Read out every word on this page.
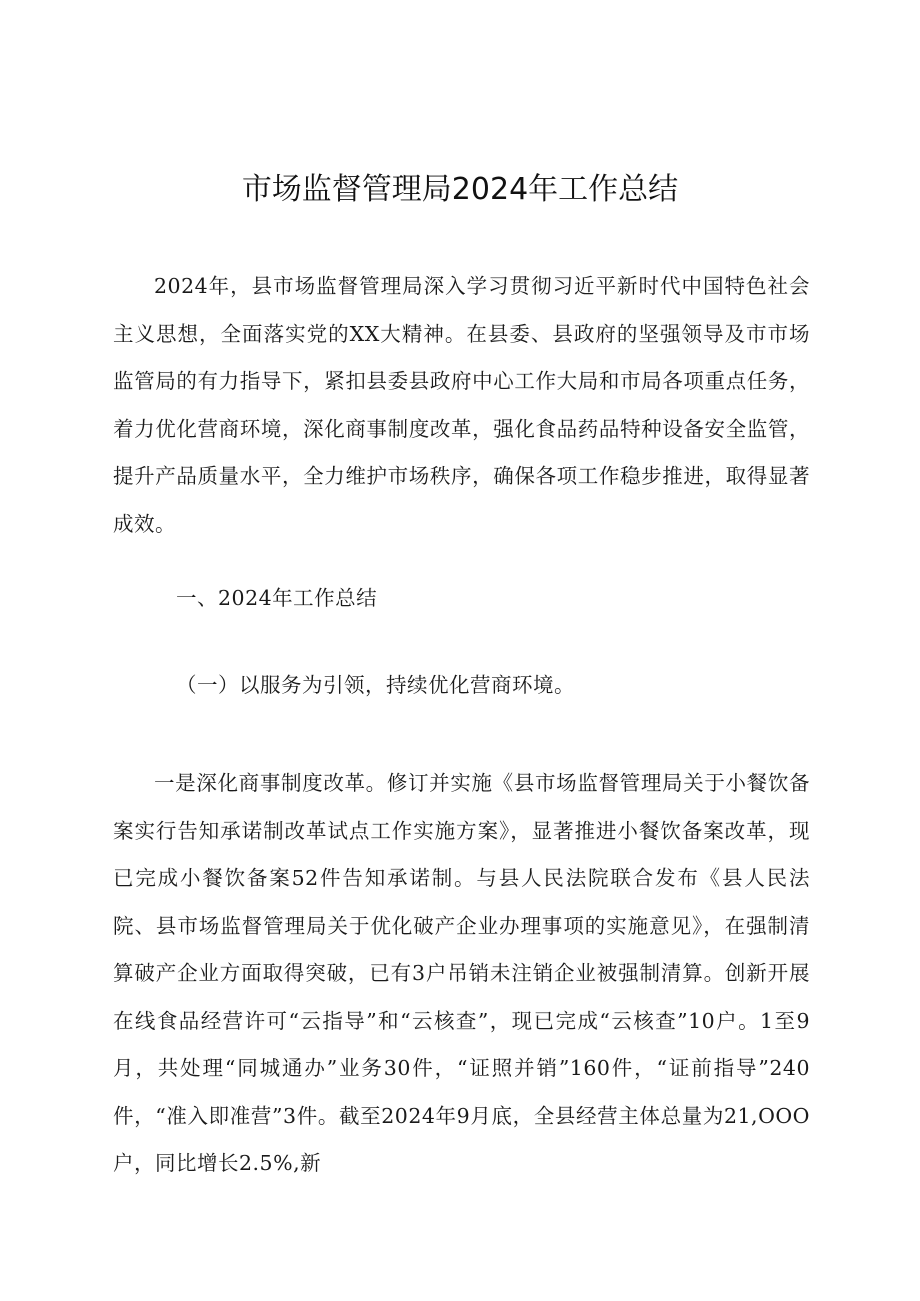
市场监督管理局2024年工作总结

2024年，县市场监督管理局深入学习贯彻习近平新时代中国特色社会主义思想，全面落实党的XX大精神。在县委、县政府的坚强领导及市市场监管局的有力指导下，紧扣县委县政府中心工作大局和市局各项重点任务，着力优化营商环境，深化商事制度改革，强化食品药品特种设备安全监管，提升产品质量水平，全力维护市场秩序，确保各项工作稳步推进，取得显著成效。

一、2024年工作总结
（一）以服务为引领，持续优化营商环境。

一是深化商事制度改革。修订并实施《县市场监督管理局关于小餐饮备案实行告知承诺制改革试点工作实施方案》，显著推进小餐饮备案改革，现已完成小餐饮备案52件告知承诺制。与县人民法院联合发布《县人民法院、县市场监督管理局关于优化破产企业办理事项的实施意见》，在强制清算破产企业方面取得突破，已有3户吊销未注销企业被强制清算。创新开展在线食品经营许可“云指导”和“云核查”，现已完成“云核查”10户。1至9月，共处理“同城通办”业务30件，“证照并销”160件，“证前指导”240件，“准入即准营”3件。截至2024年9月底，全县经营主体总量为21,OOO户，同比增长2.5%,新
